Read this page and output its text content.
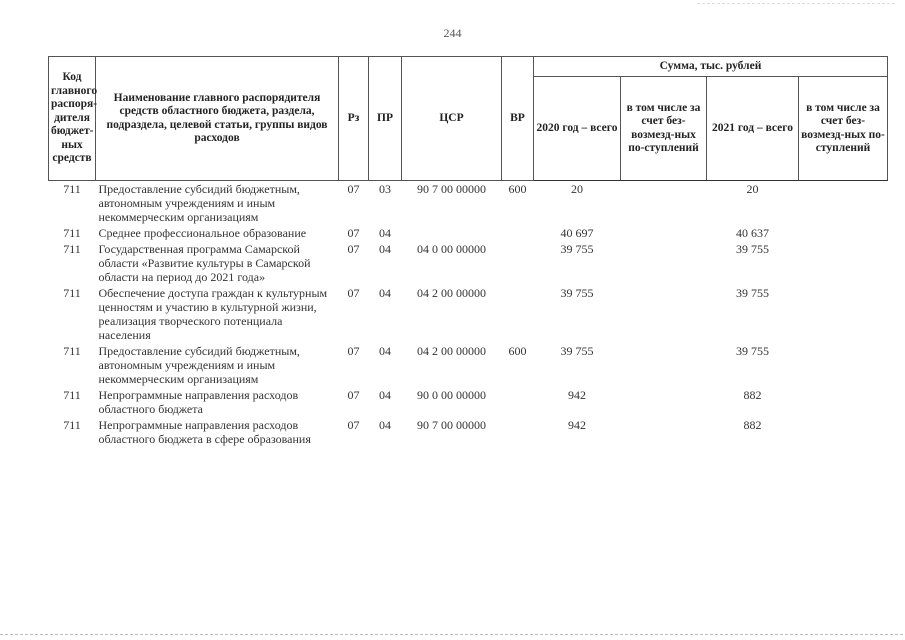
244
Код главного распоря-дителя бюджет-ных средств	Наименование главного распорядителя средств областного бюджета, раздела, подраздела, целевой статьи, группы видов расходов	Рз	ПР	ЦСР	ВР	Сумма, тыс. рублей			
						2020 год – всего	в том числе за счет без-возмезд-ных по-ступлений	2021 год – всего	в том числе за счет без-возмезд-ных по-ступлений
711	Предоставление субсидий бюджетным, автономным учреждениям и иным некоммерческим организациям	07	03	90 7 00 00000	600	20		20	
711	Среднее профессиональное образование	07	04			40 697		40 637	
711	Государственная программа Самарской области «Развитие культуры в Самарской области на период до 2021 года»	07	04	04 0 00 00000		39 755		39 755	
711	Обеспечение доступа граждан к культурным ценностям и участию в культурной жизни, реализация творческого потенциала населения	07	04	04 2 00 00000		39 755		39 755	
711	Предоставление субсидий бюджетным, автономным учреждениям и иным некоммерческим организациям	07	04	04 2 00 00000	600	39 755		39 755	
711	Непрограммные направления расходов областного бюджета	07	04	90 0 00 00000		942		882	
711	Непрограммные направления расходов областного бюджета в сфере образования	07	04	90 7 00 00000		942		882	
